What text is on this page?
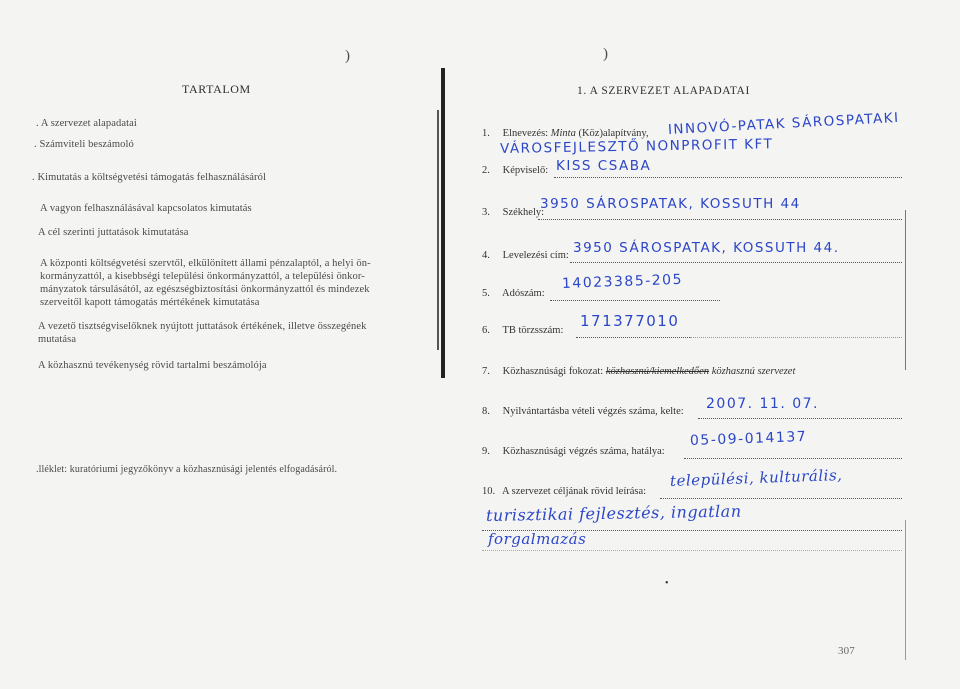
)
TARTALOM
. A szervezet alapadatai
. Számviteli beszámoló
. Kimutatás a költségvetési támogatás felhasználásáról
A vagyon felhasználásával kapcsolatos kimutatás
A cél szerinti juttatások kimutatása
A központi költségvetési szervtől, elkülönített állami pénzalaptól, a helyi ön-
kormányzattól, a kisebbségi települési önkormányzattól, a települési önkor-
mányzatok társulásától, az egészségbiztosítási önkormányzattól és mindezek
szerveitől kapott támogatás mértékének kimutatása
A vezető tisztségviselőknek nyújtott juttatások értékének, illetve összegének
mutatása
A közhasznú tevékenység rövid tartalmi beszámolója
.lléklet: kuratóriumi jegyzőkönyv a közhasznúsági jelentés elfogadásáról.
)
1. A SZERVEZET ALAPADATAI
1. Elnevezés: Minta (Köz)alapítvány, INNOVÓ-PATAK SÁROSPATAKI
VÁROSFEJLESZTŐ NONPROFIT KFT
2. Képviselő: KISS CSABA
3. Székhely:
3950 SÁROSPATAK, KOSSUTH 44
4. Levelezési cím: 3950 SÁROSPATAK, KOSSUTH 44.
5. Adószám:
14023385-205
6. TB törzsszám:
171377010
7. Közhasznúsági fokozat: közhasznú/kiemelkedően közhasznú szervezet
8. Nyilvántartásba vételi végzés száma, kelte: 2007. 11. 07.
9. Közhasznúsági végzés száma, hatálya:
05-09-014137
10. A szervezet céljának rövid leírása:
települési, kulturális,
turisztikai fejlesztés, ingatlan
forgalmazás
•
307
